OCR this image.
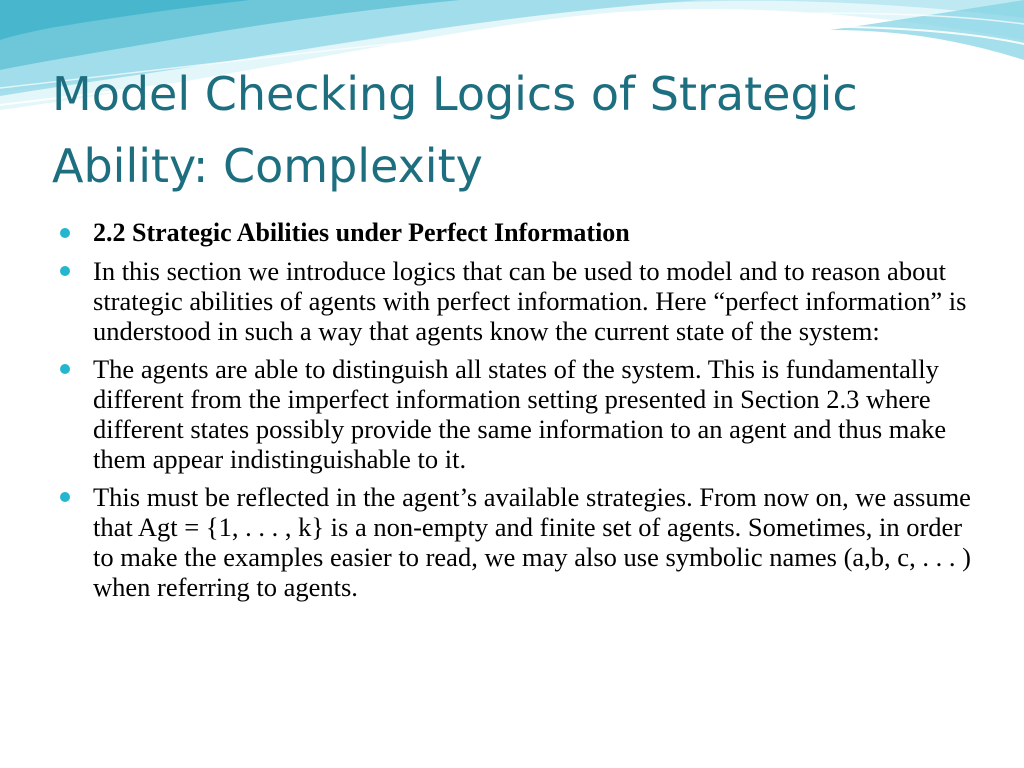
Model Checking Logics of Strategic
Ability: Complexity
2.2 Strategic Abilities under Perfect Information
In this section we introduce logics that can be used to model and to reason about strategic abilities of agents with perfect information. Here “perfect information” is understood in such a way that agents know the current state of the system:
The agents are able to distinguish all states of the system. This is fundamentally different from the imperfect information setting presented in Section 2.3 where different states possibly provide the same information to an agent and thus make them appear indistinguishable to it.
This must be reflected in the agent’s available strategies. From now on, we assume that Agt = {1, . . . , k} is a non-empty and finite set of agents. Sometimes, in order to make the examples easier to read, we may also use symbolic names (a,b, c, . . . ) when referring to agents.
